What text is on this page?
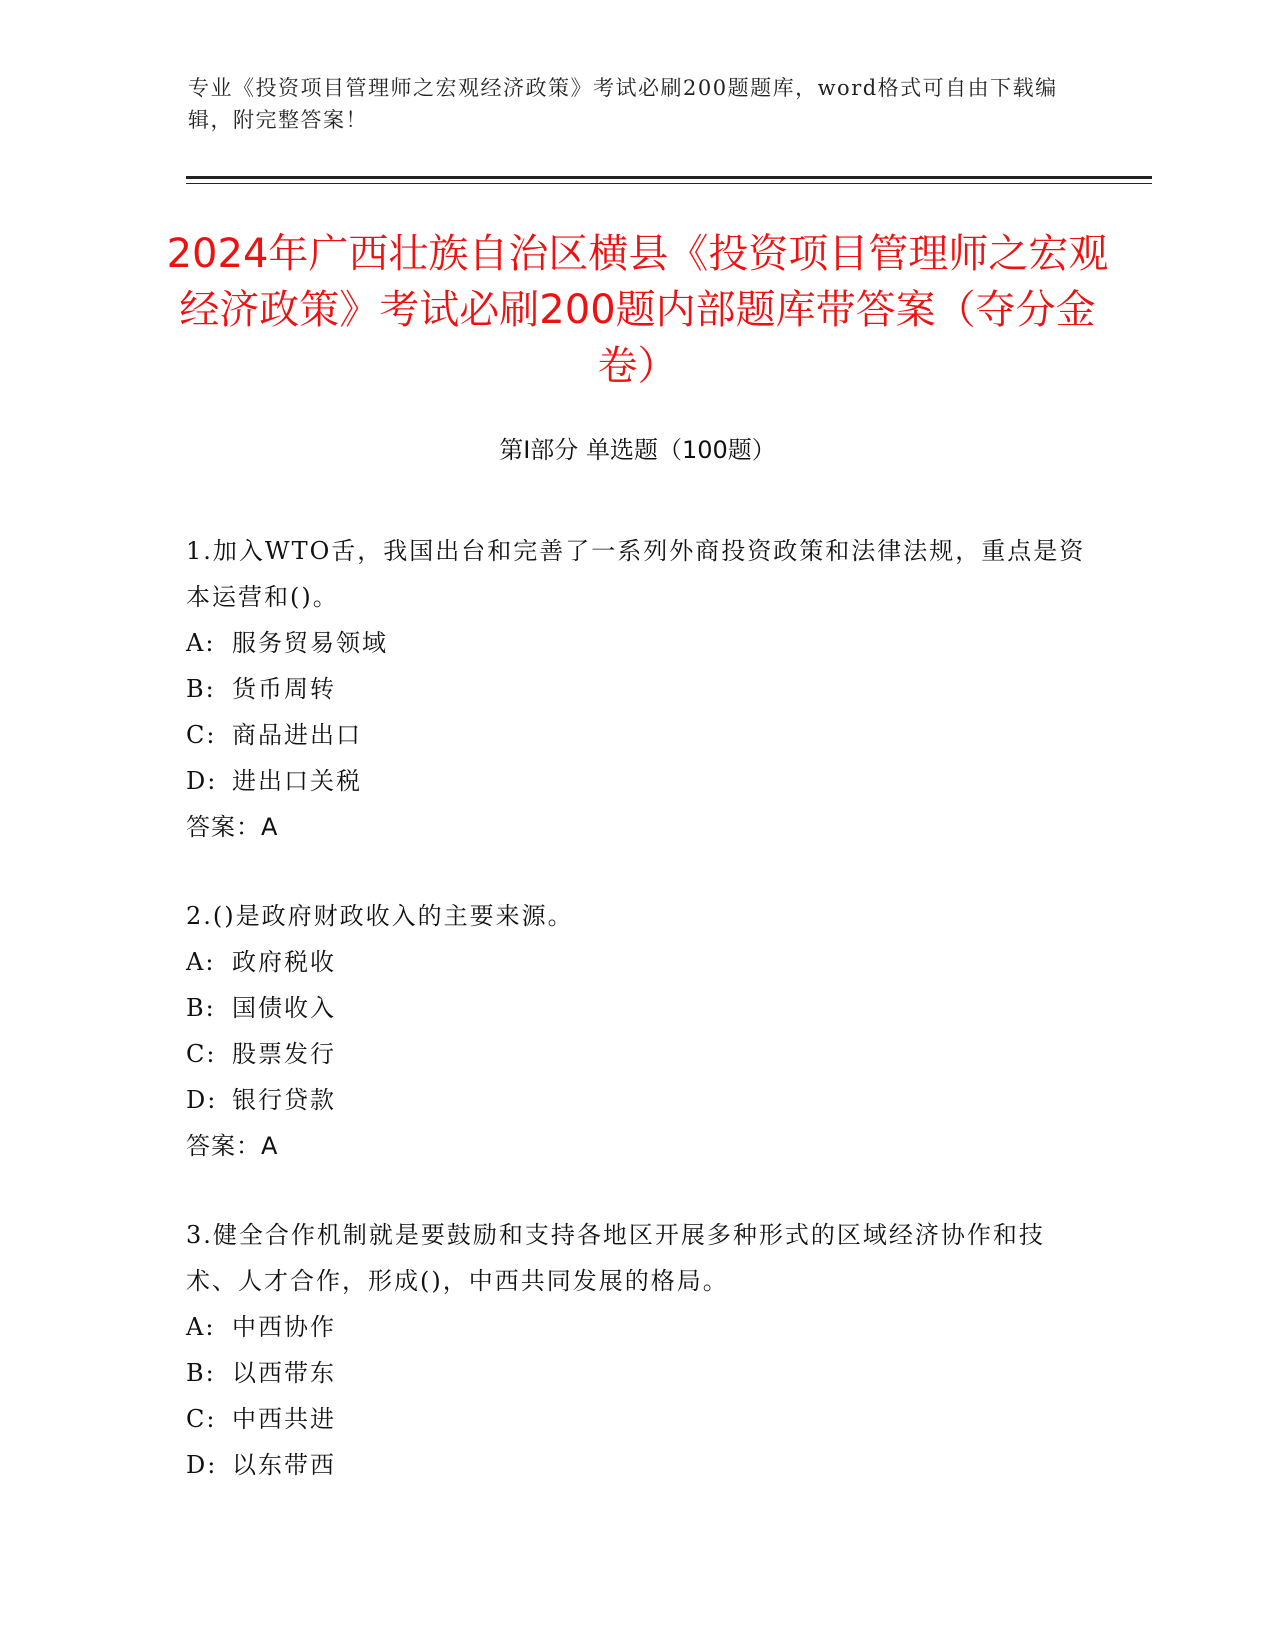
专业《投资项目管理师之宏观经济政策》考试必刷200题题库，word格式可自由下载编辑，附完整答案！
2024年广西壮族自治区横县《投资项目管理师之宏观经济政策》考试必刷200题内部题库带答案（夺分金卷）
第Ⅰ部分 单选题（100题）

1.加入WTO舌，我国出台和完善了一系列外商投资政策和法律法规，重点是资本运营和()。

A: 服务贸易领域

B: 货币周转

C: 商品进出口

D: 进出口关税

答案：A

2.()是政府财政收入的主要来源。

A: 政府税收

B: 国债收入

C: 股票发行

D: 银行贷款

答案：A

3.健全合作机制就是要鼓励和支持各地区开展多种形式的区域经济协作和技术、人才合作，形成()，中西共同发展的格局。

A: 中西协作

B: 以西带东

C: 中西共进

D: 以东带西
